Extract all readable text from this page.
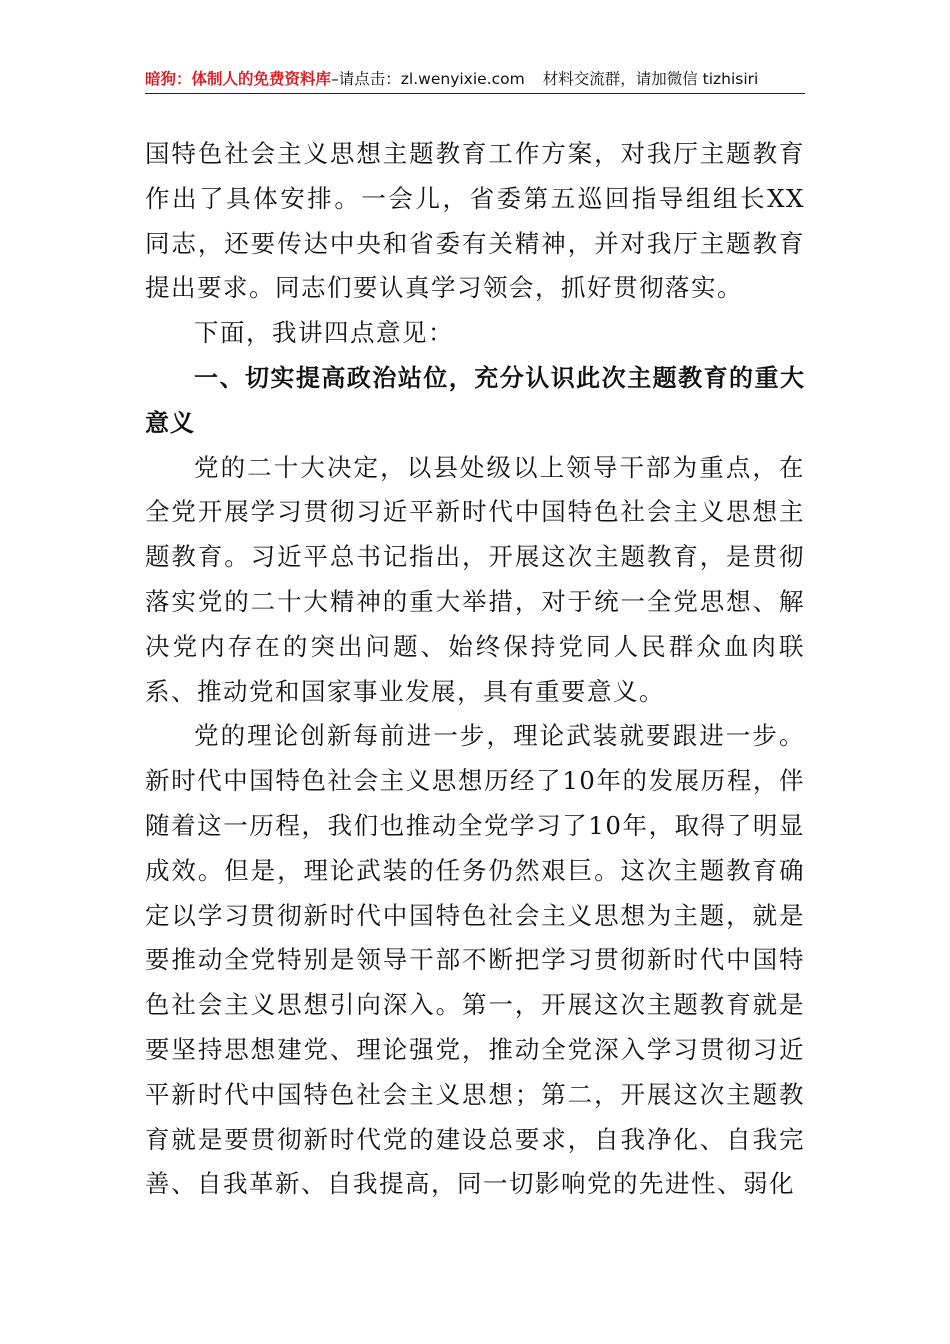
暗狗：体制人的免费资料库–请点击：zl.wenyixie.com 材料交流群，请加微信 tizhisiri

国特色社会主义思想主题教育工作方案，对我厅主题教育作出了具体安排。一会儿，省委第五巡回指导组组长XX同志，还要传达中央和省委有关精神，并对我厅主题教育提出要求。同志们要认真学习领会，抓好贯彻落实。

下面，我讲四点意见：

一、切实提高政治站位，充分认识此次主题教育的重大意义

党的二十大决定，以县处级以上领导干部为重点，在全党开展学习贯彻习近平新时代中国特色社会主义思想主题教育。习近平总书记指出，开展这次主题教育，是贯彻落实党的二十大精神的重大举措，对于统一全党思想、解决党内存在的突出问题、始终保持党同人民群众血肉联系、推动党和国家事业发展，具有重要意义。

党的理论创新每前进一步，理论武装就要跟进一步。新时代中国特色社会主义思想历经了10年的发展历程，伴随着这一历程，我们也推动全党学习了10年，取得了明显成效。但是，理论武装的任务仍然艰巨。这次主题教育确定以学习贯彻新时代中国特色社会主义思想为主题，就是要推动全党特别是领导干部不断把学习贯彻新时代中国特色社会主义思想引向深入。第一，开展这次主题教育就是要坚持思想建党、理论强党，推动全党深入学习贯彻习近平新时代中国特色社会主义思想；第二，开展这次主题教育就是要贯彻新时代党的建设总要求，自我净化、自我完善、自我革新、自我提高，同一切影响党的先进性、弱化
